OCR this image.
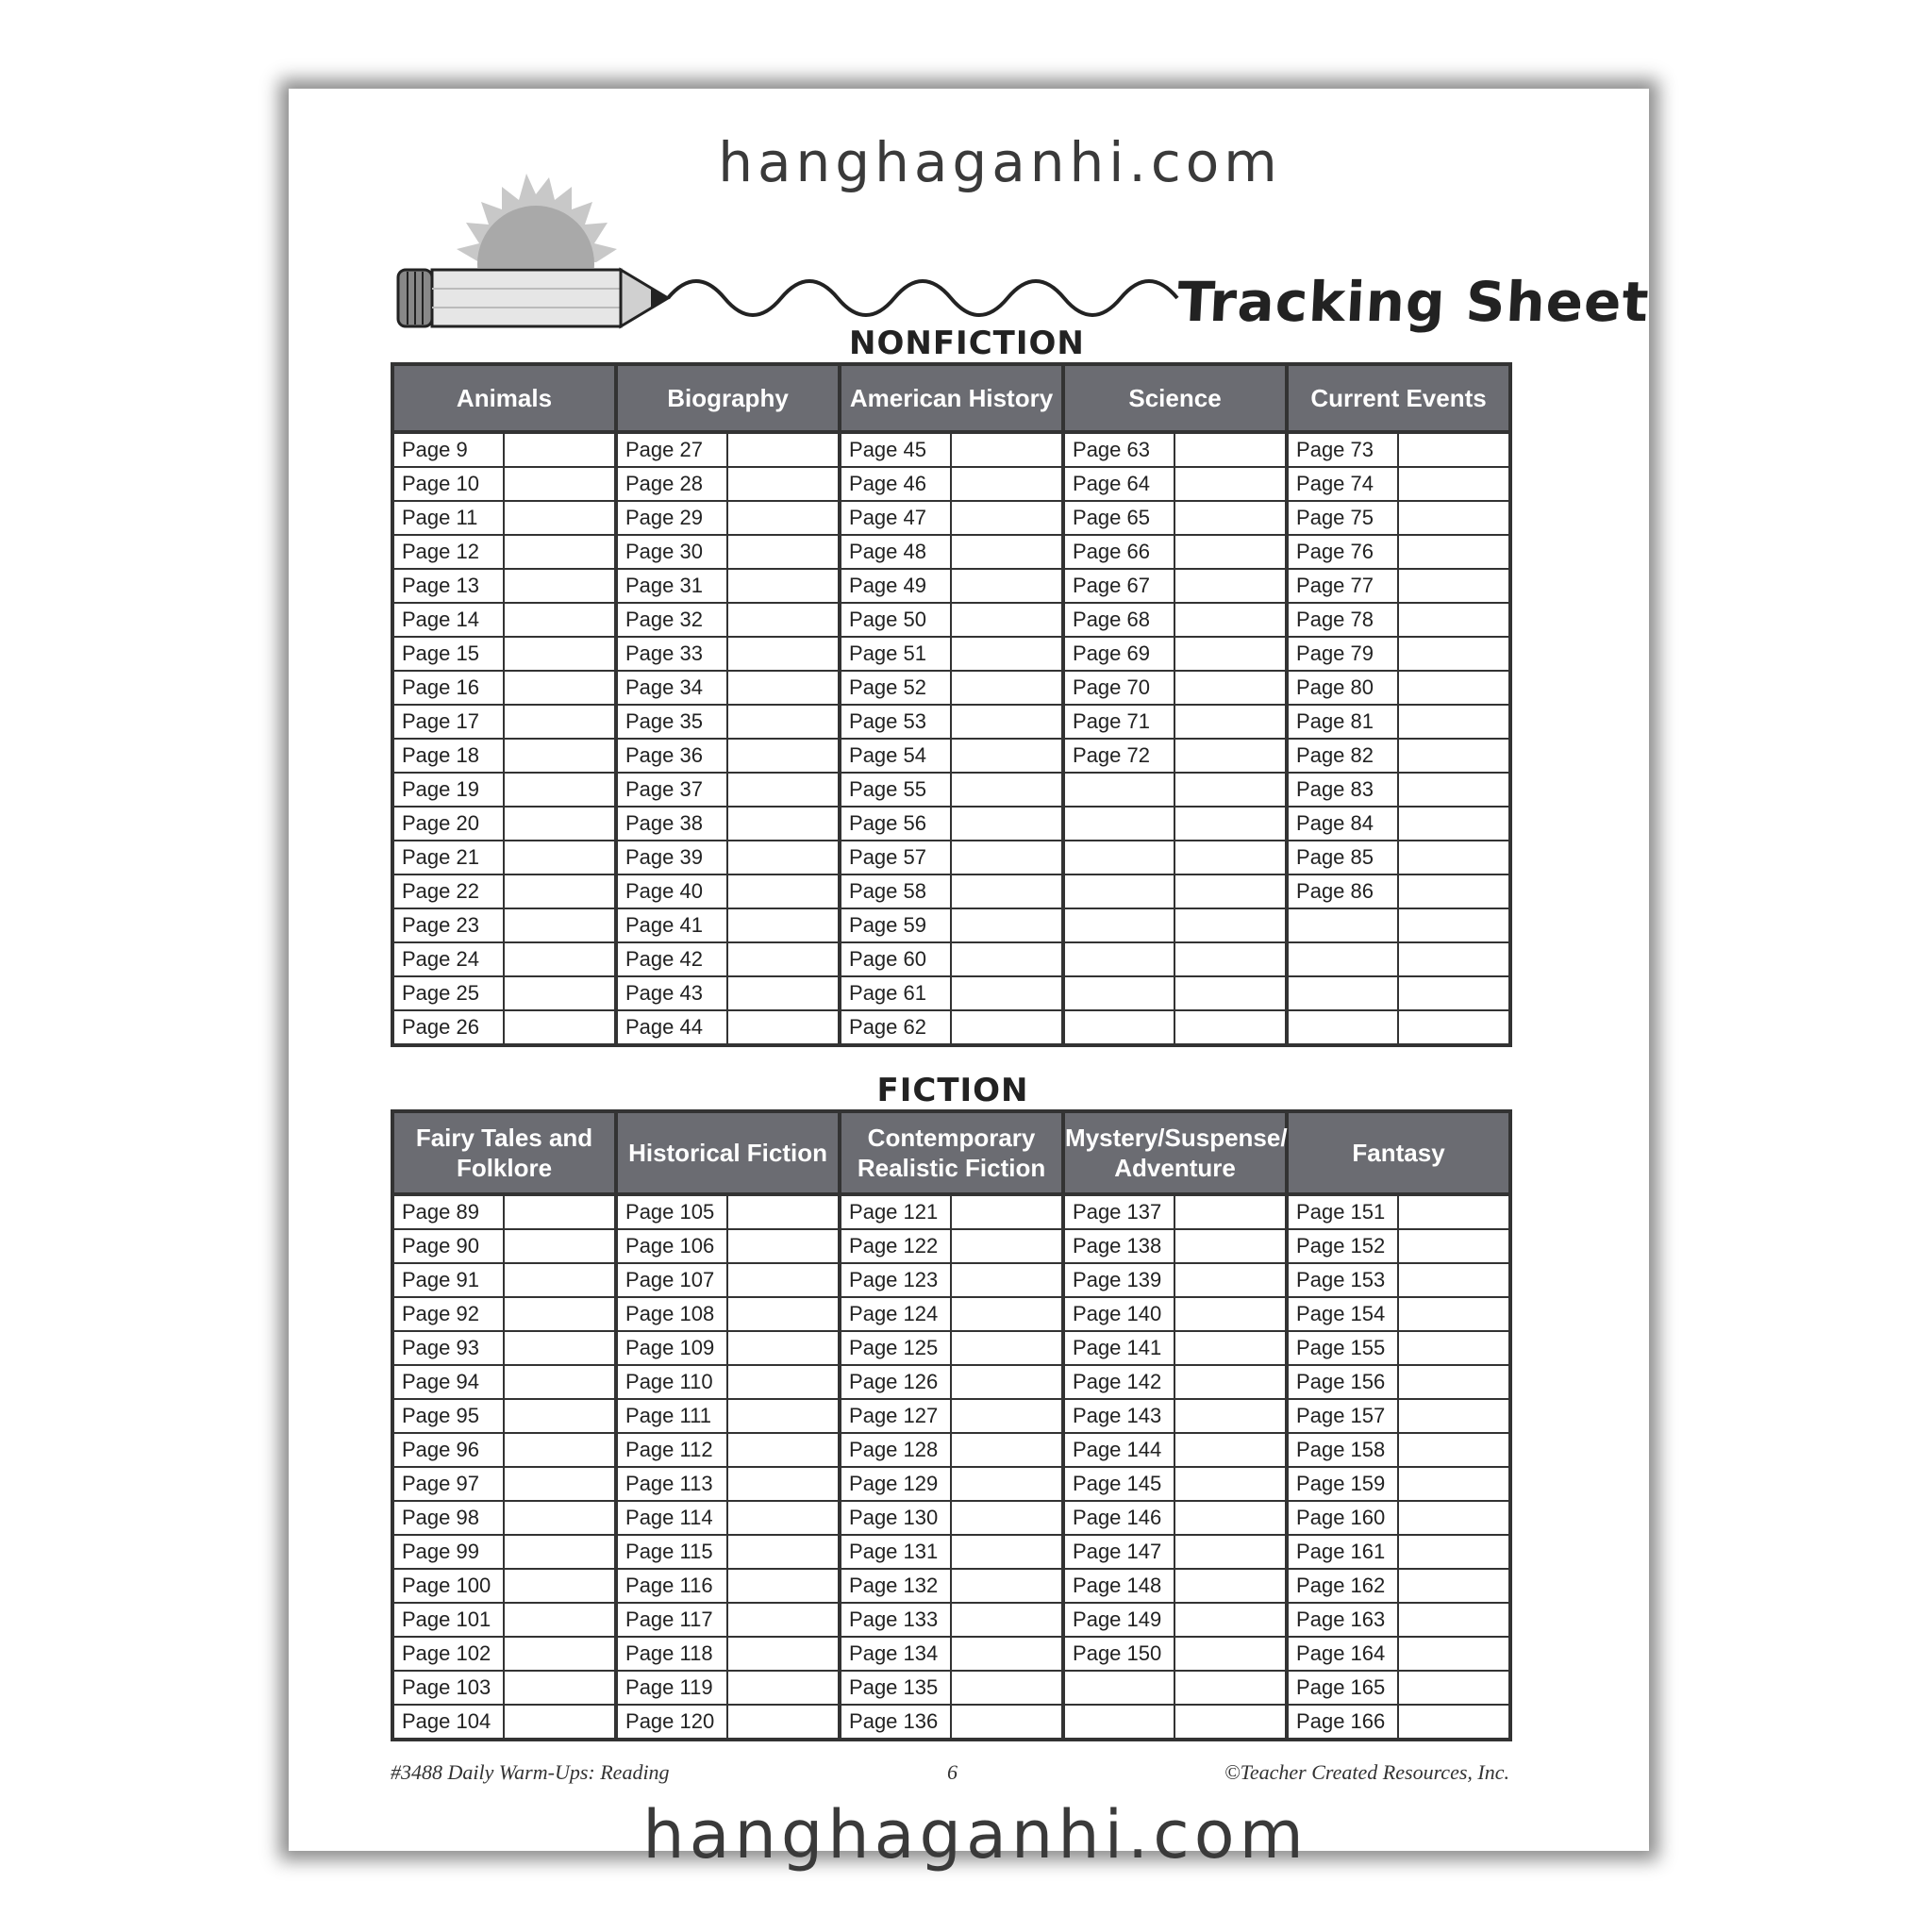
hanghaganhi.com
Tracking Sheet
NONFICTION
Animals		Biography		American History		Science		Current Events	
Page 9		Page 27		Page 45		Page 63		Page 73	
Page 10		Page 28		Page 46		Page 64		Page 74	
Page 11		Page 29		Page 47		Page 65		Page 75	
Page 12		Page 30		Page 48		Page 66		Page 76	
Page 13		Page 31		Page 49		Page 67		Page 77	
Page 14		Page 32		Page 50		Page 68		Page 78	
Page 15		Page 33		Page 51		Page 69		Page 79	
Page 16		Page 34		Page 52		Page 70		Page 80	
Page 17		Page 35		Page 53		Page 71		Page 81	
Page 18		Page 36		Page 54		Page 72		Page 82	
Page 19		Page 37		Page 55				Page 83	
Page 20		Page 38		Page 56				Page 84	
Page 21		Page 39		Page 57				Page 85	
Page 22		Page 40		Page 58				Page 86	
Page 23		Page 41		Page 59					
Page 24		Page 42		Page 60					
Page 25		Page 43		Page 61					
Page 26		Page 44		Page 62					
FICTION
Fairy Tales and Folklore		Historical Fiction		Contemporary Realistic Fiction		Mystery/Suspense/ Adventure		Fantasy	
Page 89		Page 105		Page 121		Page 137		Page 151	
Page 90		Page 106		Page 122		Page 138		Page 152	
Page 91		Page 107		Page 123		Page 139		Page 153	
Page 92		Page 108		Page 124		Page 140		Page 154	
Page 93		Page 109		Page 125		Page 141		Page 155	
Page 94		Page 110		Page 126		Page 142		Page 156	
Page 95		Page 111		Page 127		Page 143		Page 157	
Page 96		Page 112		Page 128		Page 144		Page 158	
Page 97		Page 113		Page 129		Page 145		Page 159	
Page 98		Page 114		Page 130		Page 146		Page 160	
Page 99		Page 115		Page 131		Page 147		Page 161	
Page 100		Page 116		Page 132		Page 148		Page 162	
Page 101		Page 117		Page 133		Page 149		Page 163	
Page 102		Page 118		Page 134		Page 150		Page 164	
Page 103		Page 119		Page 135				Page 165	
Page 104		Page 120		Page 136				Page 166	
#3488 Daily Warm-Ups: Reading	6	©Teacher Created Resources, Inc.
hanghaganhi.com
